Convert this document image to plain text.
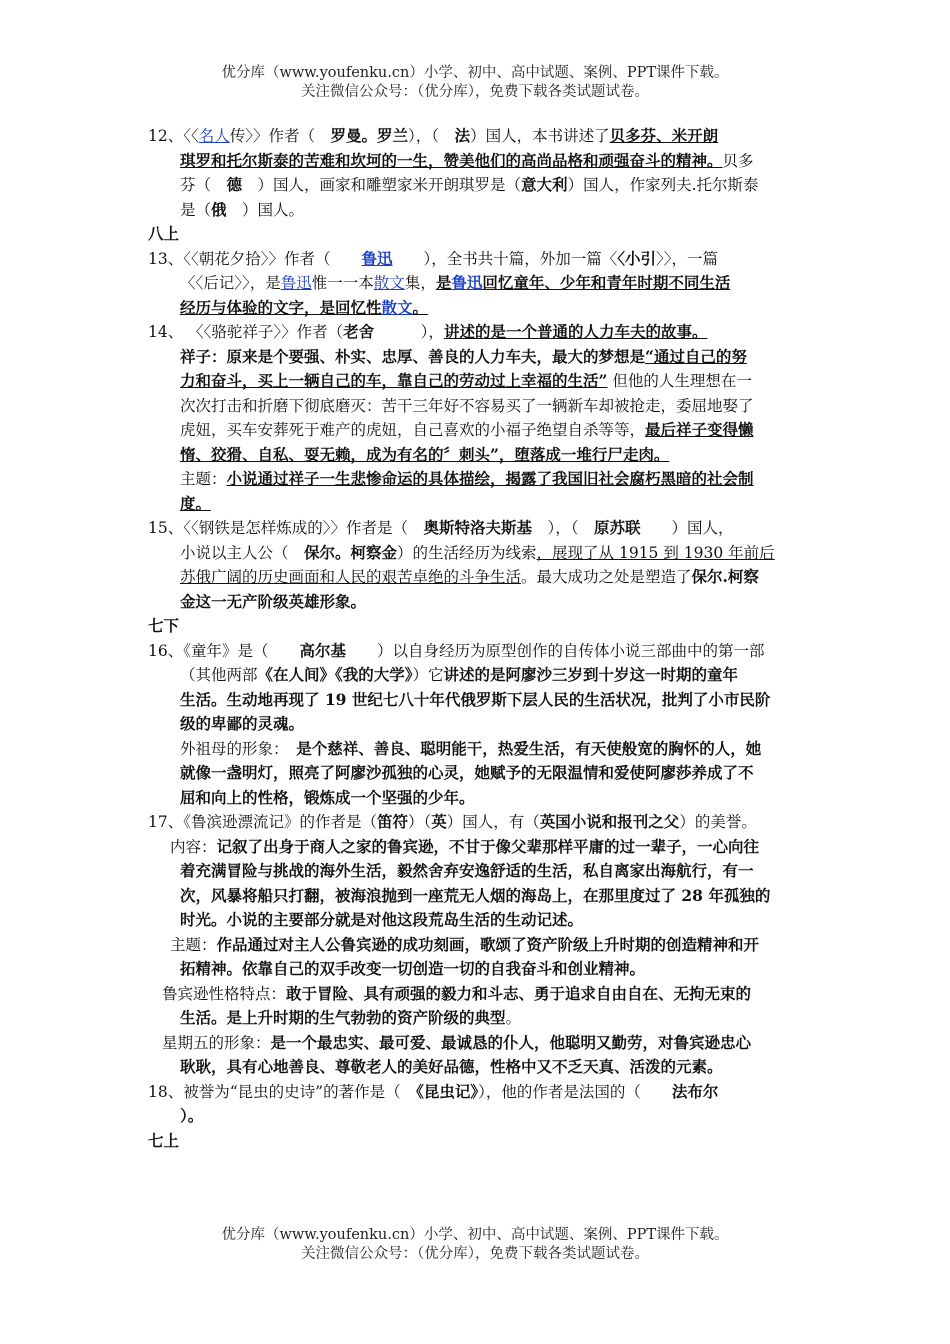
优分库（www.youfenku.cn）小学、初中、高中试题、案例、PPT课件下载。
关注微信公众号：（优分库），免费下载各类试题试卷。
12、〈〈名人传〉〉作者（　罗曼。罗兰），（　法）国人，本书讲述了贝多芬、米开朗
琪罗和托尔斯泰的苦难和坎坷的一生，赞美他们的高尚品格和顽强奋斗的精神。贝多
芬（　德　）国人，画家和雕塑家米开朗琪罗是（意大利）国人，作家列夫.托尔斯泰
是（俄　）国人。
八上
13、〈〈朝花夕拾〉〉作者（　　鲁迅　　），全书共十篇，外加一篇〈〈小引〉〉，一篇
〈〈后记〉〉，是鲁迅惟一一本散文集，是鲁迅回忆童年、少年和青年时期不同生活
经历与体验的文字，是回忆性散文。
14、 〈〈骆驼祥子〉〉作者（老舍　　　），讲述的是一个普通的人力车夫的故事。
祥子：原来是个要强、朴实、忠厚、善良的人力车夫，最大的梦想是“通过自己的努
力和奋斗，买上一辆自己的车，靠自己的劳动过上幸福的生活” 但他的人生理想在一
次次打击和折磨下彻底磨灭：苦干三年好不容易买了一辆新车却被抢走，委屈地娶了
虎妞，买车安葬死于难产的虎妞，自己喜欢的小福子绝望自杀等等，最后祥子变得懒
惰、狡猾、自私、耍无赖，成为有名的〞刺头”，堕落成一堆行尸走肉。
主题：小说通过祥子一生悲惨命运的具体描绘，揭露了我国旧社会腐朽黑暗的社会制
度。
15、〈〈钢铁是怎样炼成的〉〉作者是（　奥斯特洛夫斯基　），（　原苏联　　）国人，
小说以主人公（　保尔。柯察金）的生活经历为线索，展现了从 1915 到 1930 年前后
苏俄广阔的历史画面和人民的艰苦卓绝的斗争生活。最大成功之处是塑造了保尔.柯察
金这一无产阶级英雄形象。
七下
16、《童年》是（　　高尔基　　）以自身经历为原型创作的自传体小说三部曲中的第一部
（其他两部《在人间》《我的大学》）它讲述的是阿廖沙三岁到十岁这一时期的童年
生活。生动地再现了 19 世纪七八十年代俄罗斯下层人民的生活状况，批判了小市民阶
级的卑鄙的灵魂。
外祖母的形象：　是个慈祥、善良、聪明能干，热爱生活，有天使般宽的胸怀的人，她
就像一盏明灯，照亮了阿廖沙孤独的心灵，她赋予的无限温情和爱使阿廖莎养成了不
屈和向上的性格，锻炼成一个坚强的少年。
17、《鲁滨逊漂流记》的作者是（笛符）（英）国人，有（英国小说和报刊之父）的美誉。
内容：记叙了出身于商人之家的鲁宾逊，不甘于像父辈那样平庸的过一辈子，一心向往
着充满冒险与挑战的海外生活，毅然舍弃安逸舒适的生活，私自离家出海航行，有一
次，风暴将船只打翻，被海浪抛到一座荒无人烟的海岛上，在那里度过了 28 年孤独的
时光。小说的主要部分就是对他这段荒岛生活的生动记述。
主题：作品通过对主人公鲁宾逊的成功刻画，歌颂了资产阶级上升时期的创造精神和开
拓精神。依靠自己的双手改变一切创造一切的自我奋斗和创业精神。
鲁宾逊性格特点：敢于冒险、具有顽强的毅力和斗志、勇于追求自由自在、无拘无束的
生活。是上升时期的生气勃勃的资产阶级的典型。
星期五的形象：是一个最忠实、最可爱、最诚恳的仆人，他聪明又勤劳，对鲁宾逊忠心
耿耿，具有心地善良、尊敬老人的美好品德，性格中又不乏天真、活泼的元素。
18、被誉为“昆虫的史诗”的著作是（　《昆虫记》），他的作者是法国的（　　法布尔
）。
七上
优分库（www.youfenku.cn）小学、初中、高中试题、案例、PPT课件下载。
关注微信公众号：（优分库），免费下载各类试题试卷。
